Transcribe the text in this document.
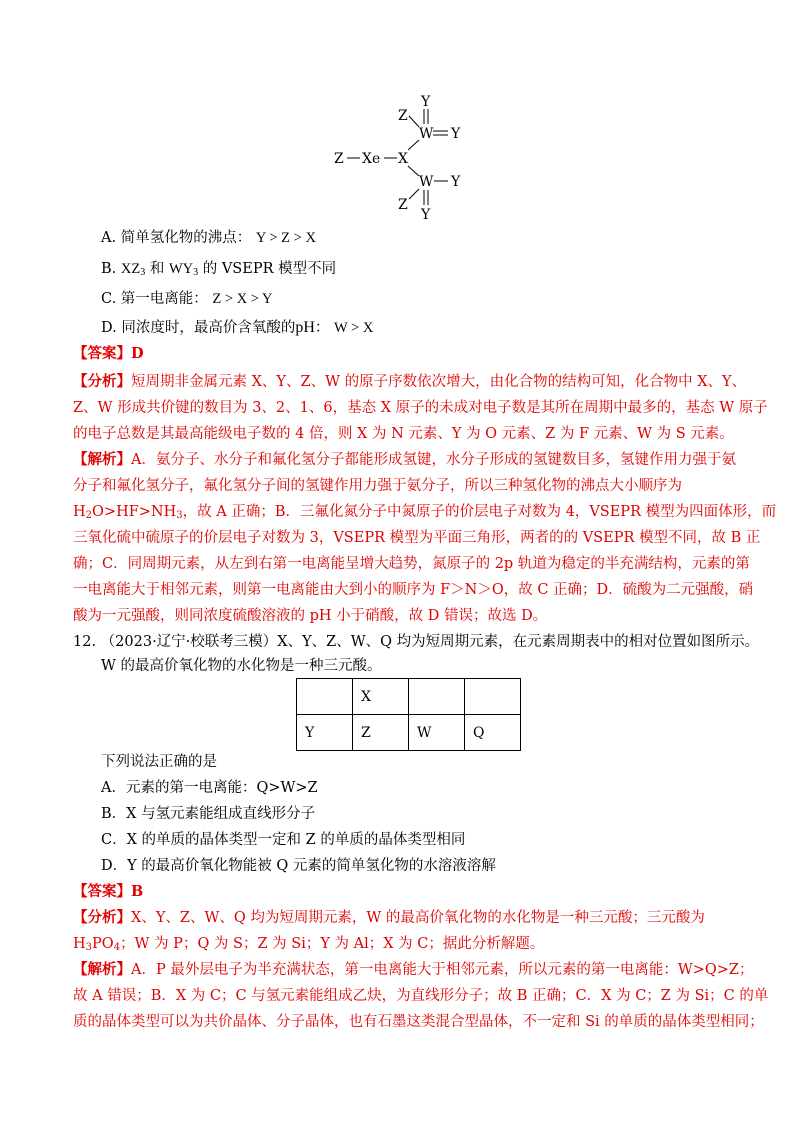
Y
Z
W Y
Z Xe X
W Y
Z
Y
A. 简单氢化物的沸点： Y > Z > X
B. $XZ_3$ 和 $WY_3$ 的 VSEPR 模型不同
C. 第一电离能： Z > X > Y
D. 同浓度时，最高价含氧酸的pH： W > X
【答案】D
【分析】短周期非金属元素 X、Y、Z、W 的原子序数依次增大，由化合物的结构可知，化合物中 X、Y、
Z、W 形成共价键的数目为 3、2、1、6，基态 X 原子的未成对电子数是其所在周期中最多的，基态 W 原子
的电子总数是其最高能级电子数的 4 倍，则 X 为 N 元素、Y 为 O 元素、Z 为 F 元素、W 为 S 元素。
【解析】A．氨分子、水分子和氟化氢分子都能形成氢键，水分子形成的氢键数目多，氢键作用力强于氨
分子和氟化氢分子，氟化氢分子间的氢键作用力强于氨分子，所以三种氢化物的沸点大小顺序为
$H_2O>HF>NH_3$，故 A 正确；B．三氟化氮分子中氮原子的价层电子对数为 4，VSEPR 模型为四面体形，而
三氧化硫中硫原子的价层电子对数为 3，VSEPR 模型为平面三角形，两者的的 VSEPR 模型不同，故 B 正
确；C．同周期元素，从左到右第一电离能呈增大趋势，氮原子的 2p 轨道为稳定的半充满结构，元素的第
一电离能大于相邻元素，则第一电离能由大到小的顺序为 F＞N＞O，故 C 正确；D．硫酸为二元强酸，硝
酸为一元强酸，则同浓度硫酸溶液的 pH 小于硝酸，故 D 错误；故选 D。
12. （2023·辽宁·校联考三模）X、Y、Z、W、Q 均为短周期元素，在元素周期表中的相对位置如图所示。
W 的最高价氧化物的水化物是一种三元酸。
	X		
Y	Z	W	Q
下列说法正确的是
A．元素的第一电离能：Q>W>Z
B．X 与氢元素能组成直线形分子
C．X 的单质的晶体类型一定和 Z 的单质的晶体类型相同
D．Y 的最高价氧化物能被 Q 元素的简单氢化物的水溶液溶解
【答案】B
【分析】X、Y、Z、W、Q 均为短周期元素，W 的最高价氧化物的水化物是一种三元酸；三元酸为
$H_3PO_4$；W 为 P；Q 为 S；Z 为 Si；Y 为 Al；X 为 C；据此分析解题。
【解析】A．P 最外层电子为半充满状态，第一电离能大于相邻元素，所以元素的第一电离能：W>Q>Z；
故 A 错误；B．X 为 C；C 与氢元素能组成乙炔，为直线形分子；故 B 正确；C．X 为 C；Z 为 Si；C 的单
质的晶体类型可以为共价晶体、分子晶体，也有石墨这类混合型晶体，不一定和 Si 的单质的晶体类型相同；
